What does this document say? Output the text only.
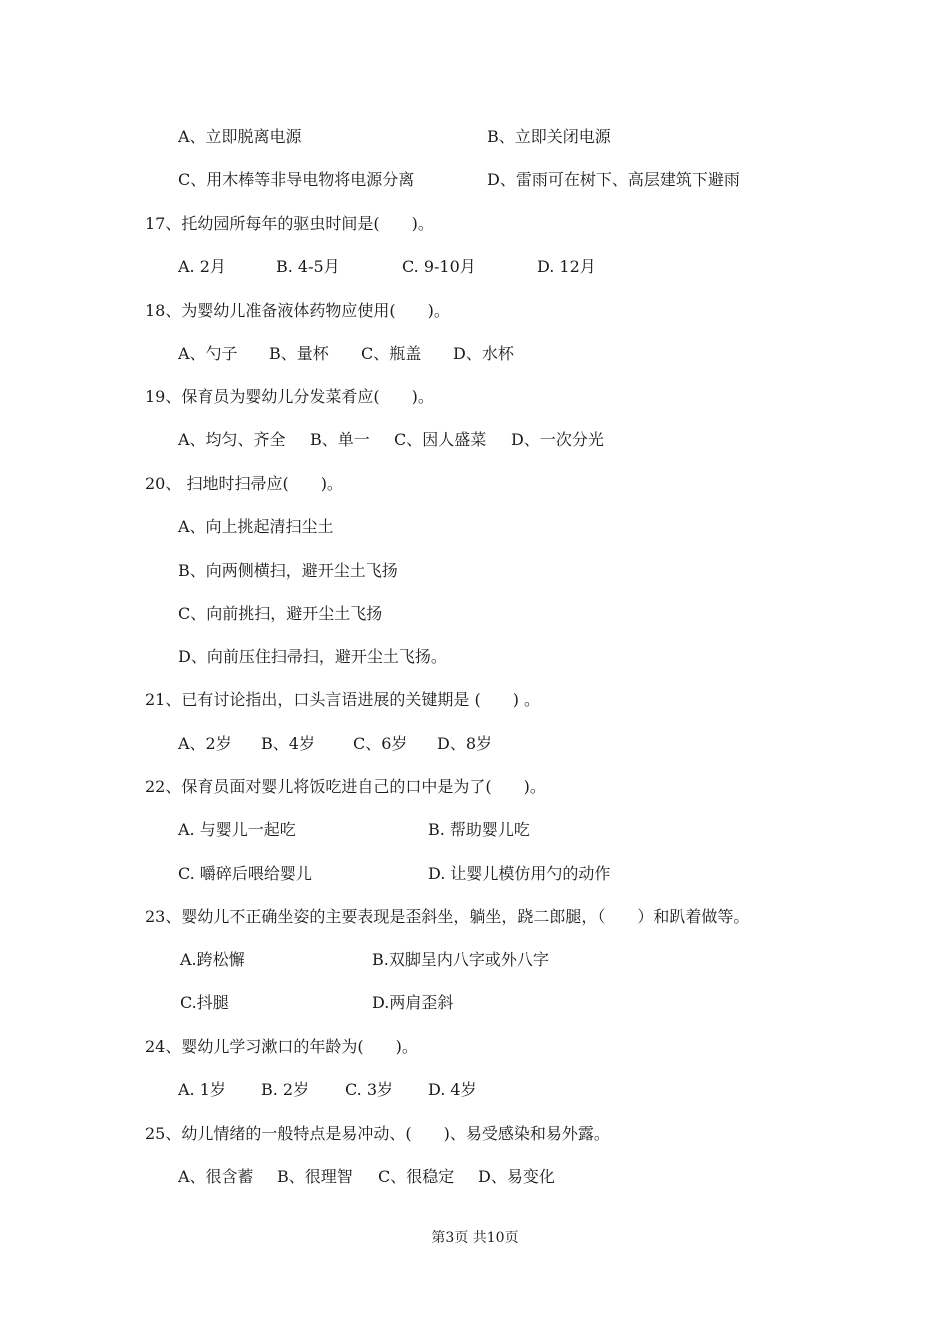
A、立即脱离电源	B、立即关闭电源
C、用木棒等非导电物将电源分离	D、雷雨可在树下、高层建筑下避雨
17、托幼园所每年的驱虫时间是(　　)。
A. 2月	B. 4-5月	C. 9-10月	D. 12月
18、为婴幼儿准备液体药物应使用(　　)。
A、勺子 B、量杯 C、瓶盖 D、水杯
19、保育员为婴幼儿分发菜肴应(　　)。
A、均匀、齐全 B、单一 C、因人盛菜 D、一次分光
20、 扫地时扫帚应(　　)。
A、向上挑起清扫尘土
B、向两侧横扫，避开尘土飞扬
C、向前挑扫，避开尘土飞扬
D、向前压住扫帚扫，避开尘土飞扬。
21、已有讨论指出，口头言语进展的关键期是 (　　) 。
A、2岁 B、4岁 C、6岁 D、8岁
22、保育员面对婴儿将饭吃进自己的口中是为了(　　)。
A. 与婴儿一起吃	B. 帮助婴儿吃
C. 嚼碎后喂给婴儿	D. 让婴儿模仿用勺的动作
23、婴幼儿不正确坐姿的主要表现是歪斜坐，躺坐，跷二郎腿，（　　）和趴着做等。
A.跨松懈	B.双脚呈内八字或外八字
C.抖腿	D.两肩歪斜
24、婴幼儿学习漱口的年龄为(　　)。
A. 1岁 B. 2岁 C. 3岁 D. 4岁
25、幼儿情绪的一般特点是易冲动、(　　)、易受感染和易外露。
A、很含蓄 B、很理智 C、很稳定 D、易变化
第3页 共10页
